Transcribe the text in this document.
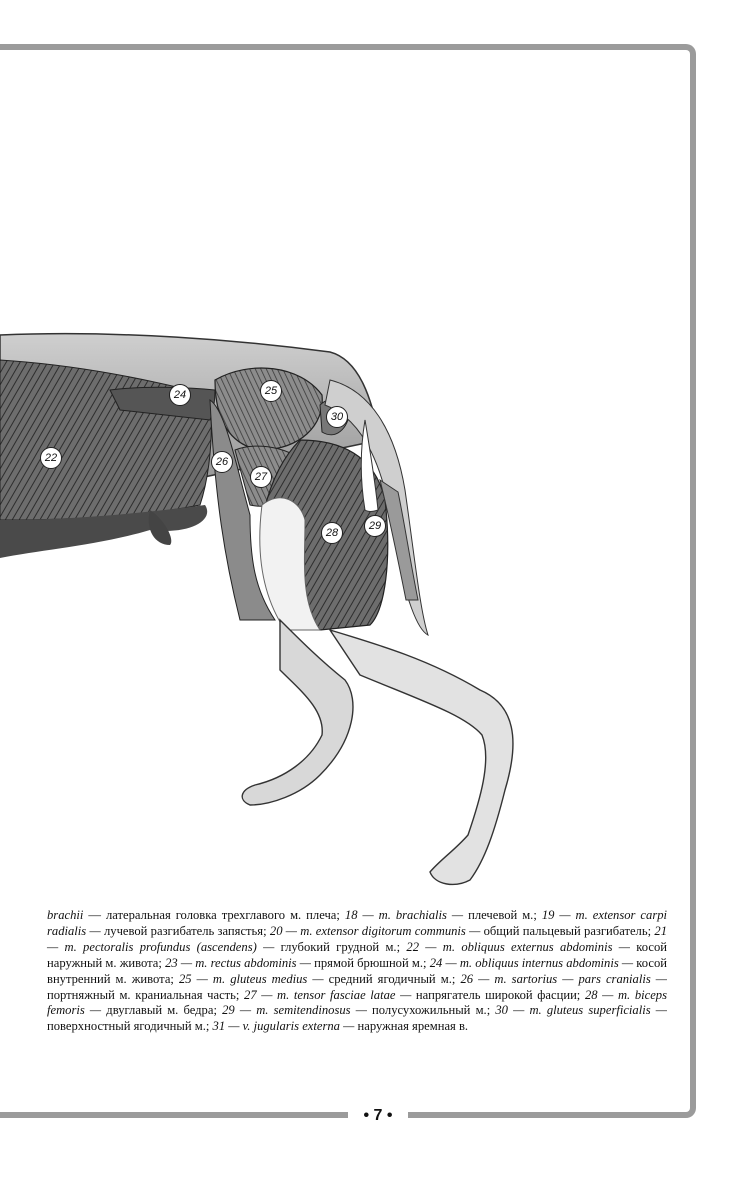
22
24	25
26
27
28
29
30
brachii — латеральная головка трехглавого м. плеча; 18 — m. brachialis — плечевой м.; 19 — m. extensor carpi radialis — лучевой разгибатель запястья; 20 — m. extensor digitorum communis — общий пальцевый разгибатель; 21 — m. pectoralis profundus (ascendens) — глубокий грудной м.; 22 — m. obliquus externus abdominis — косой наружный м. живота; 23 — m. rectus abdominis — прямой брюшной м.; 24 — m. obliquus internus abdominis — косой внутренний м. живота; 25 — m. gluteus medius — средний ягодичный м.; 26 — m. sartorius — pars cranialis — портняжный м. краниальная часть; 27 — m. tensor fasciae latae — напрягатель широкой фасции; 28 — m. biceps femoris — двуглавый м. бедра; 29 — m. semitendinosus — полусухожильный м.; 30 — m. gluteus superficialis — поверхностный ягодичный м.; 31 — v. jugularis externa — наружная яремная в.
• 7 •
